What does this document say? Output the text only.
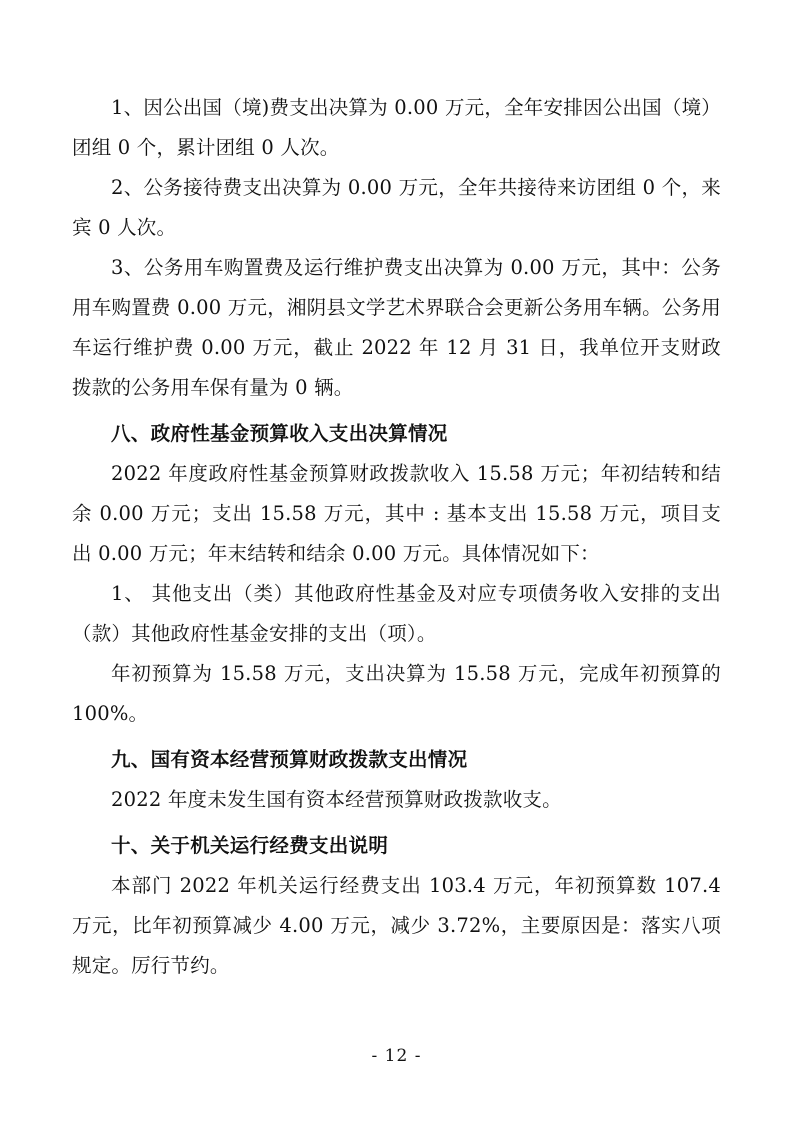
1、因公出国（境)费支出决算为 0.00 万元，全年安排因公出国（境）团组 0 个，累计团组 0 人次。

2、公务接待费支出决算为 0.00 万元，全年共接待来访团组 0 个，来宾 0 人次。

3、公务用车购置费及运行维护费支出决算为 0.00 万元，其中：公务用车购置费 0.00 万元，湘阴县文学艺术界联合会更新公务用车辆。公务用车运行维护费 0.00 万元，截止 2022 年 12 月 31 日，我单位开支财政拨款的公务用车保有量为 0 辆。

八、政府性基金预算收入支出决算情况

2022 年度政府性基金预算财政拨款收入 15.58 万元；年初结转和结余 0.00 万元；支出 15.58 万元，其中 : 基本支出 15.58 万元，项目支出 0.00 万元；年末结转和结余 0.00 万元。具体情况如下：

1、 其他支出（类）其他政府性基金及对应专项债务收入安排的支出（款）其他政府性基金安排的支出（项）。

年初预算为 15.58 万元，支出决算为 15.58 万元，完成年初预算的 100%。

九、国有资本经营预算财政拨款支出情况

2022 年度未发生国有资本经营预算财政拨款收支。

十、关于机关运行经费支出说明

本部门 2022 年机关运行经费支出 103.4 万元，年初预算数 107.4 万元，比年初预算减少 4.00 万元，减少 3.72%，主要原因是：落实八项规定。厉行节约。

- 12 -
